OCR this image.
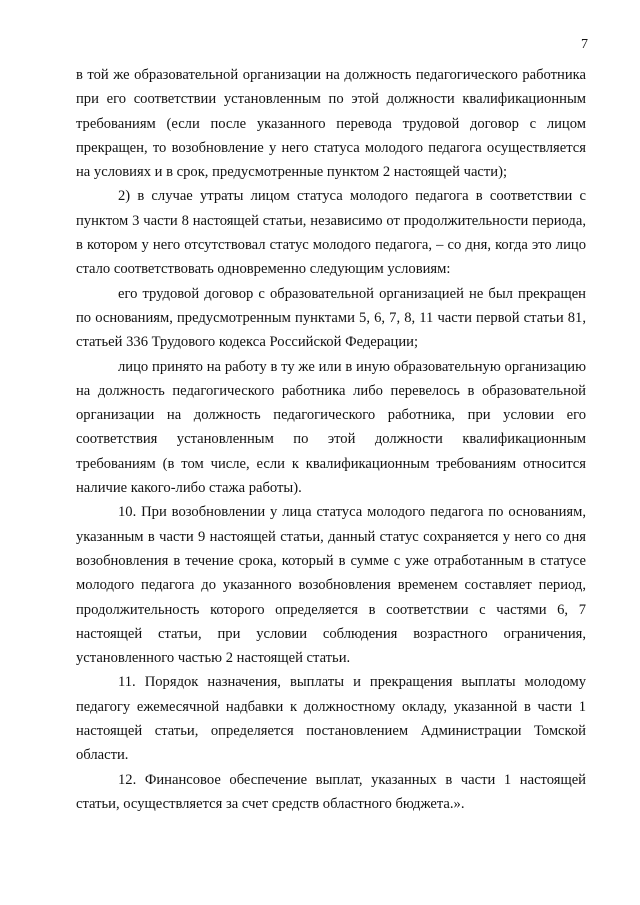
7

в той же образовательной организации на должность педагогического работника при его соответствии установленным по этой должности квалификационным требованиям (если после указанного перевода трудовой договор с лицом прекращен, то возобновление у него статуса молодого педагога осуществляется на условиях и в срок, предусмотренные пунктом 2 настоящей части);

2) в случае утраты лицом статуса молодого педагога в соответствии с пунктом 3 части 8 настоящей статьи, независимо от продолжительности периода, в котором у него отсутствовал статус молодого педагога, – со дня, когда это лицо стало соответствовать одновременно следующим условиям:

его трудовой договор с образовательной организацией не был прекращен по основаниям, предусмотренным пунктами 5, 6, 7, 8, 11 части первой статьи 81, статьей 336 Трудового кодекса Российской Федерации;

лицо принято на работу в ту же или в иную образовательную организацию на должность педагогического работника либо перевелось в образовательной организации на должность педагогического работника, при условии его соответствия установленным по этой должности квалификационным требованиям (в том числе, если к квалификационным требованиям относится наличие какого-либо стажа работы).

10. При возобновлении у лица статуса молодого педагога по основаниям, указанным в части 9 настоящей статьи, данный статус сохраняется у него со дня возобновления в течение срока, который в сумме с уже отработанным в статусе молодого педагога до указанного возобновления временем составляет период, продолжительность которого определяется в соответствии с частями 6, 7 настоящей статьи, при условии соблюдения возрастного ограничения, установленного частью 2 настоящей статьи.

11. Порядок назначения, выплаты и прекращения выплаты молодому педагогу ежемесячной надбавки к должностному окладу, указанной в части 1 настоящей статьи, определяется постановлением Администрации Томской области.

12. Финансовое обеспечение выплат, указанных в части 1 настоящей статьи, осуществляется за счет средств областного бюджета.».
